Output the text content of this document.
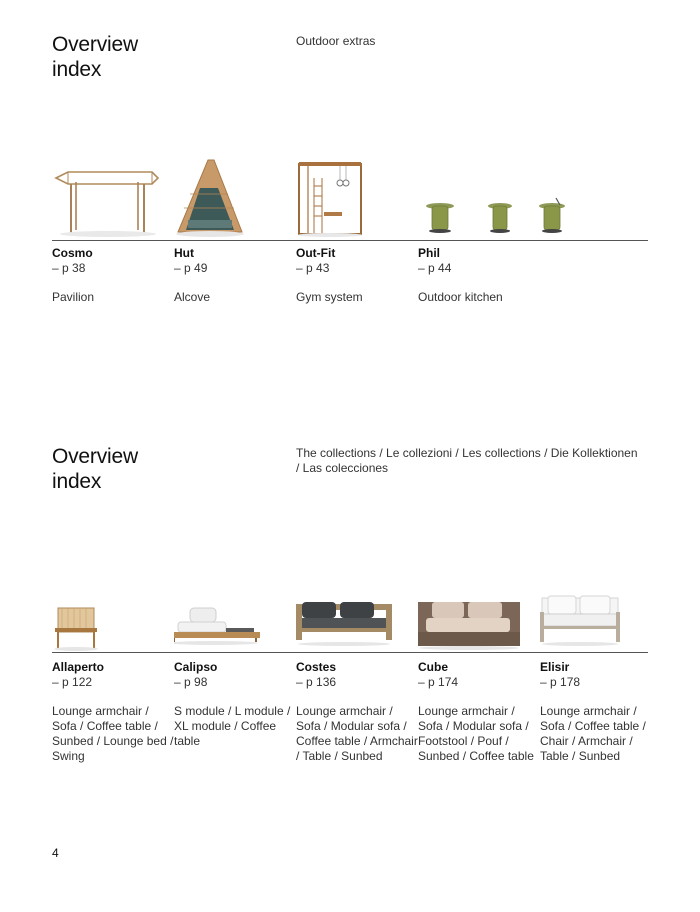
Overview
index
Outdoor extras
Cosmo
– p 38
Pavilion
Hut
– p 49
Alcove
Out-Fit
– p 43
Gym system
Phil
– p 44
Outdoor kitchen
Overview
index
The collections / Le collezioni / Les collections / Die Kollektionen
/ Las colecciones
Allaperto
– p 122
Lounge armchair / Sofa / Coffee table / Sunbed / Lounge bed / Swing
Calipso
– p 98
S module / L module / XL module / Coffee table
Costes
– p 136
Lounge armchair / Sofa / Modular sofa / Coffee table / Armchair / Table / Sunbed
Cube
– p 174
Lounge armchair / Sofa / Modular sofa / Footstool / Pouf / Sunbed / Coffee table
Elisir
– p 178
Lounge armchair / Sofa / Coffee table / Chair / Armchair / Table / Sunbed
4
